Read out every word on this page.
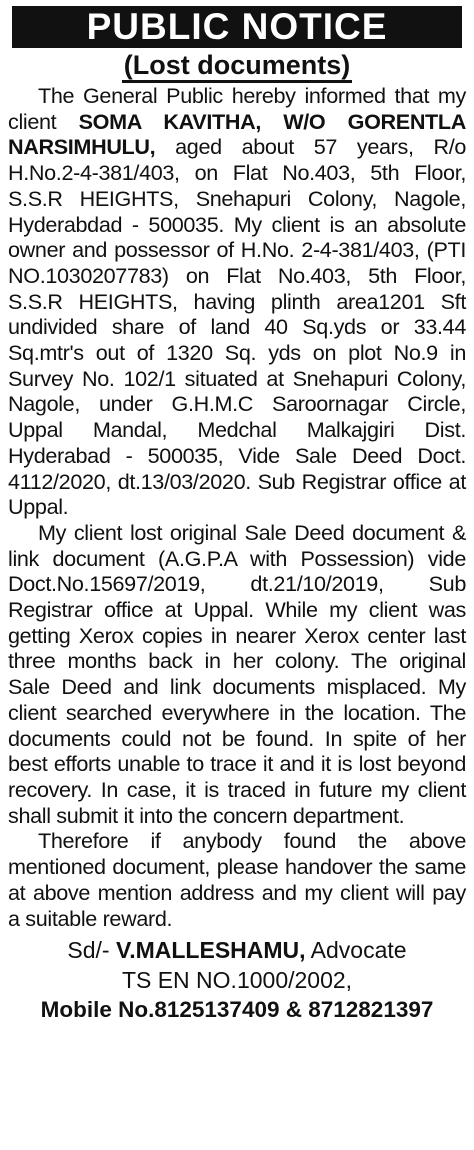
PUBLIC NOTICE
(Lost documents)

The General Public hereby informed that my client SOMA KAVITHA, W/O GORENTLA NARSIMHULU, aged about 57 years, R/o H.No.2-4-381/403, on Flat No.403, 5th Floor, S.S.R HEIGHTS, Snehapuri Colony, Nagole, Hyderabdad - 500035. My client is an absolute owner and possessor of H.No. 2-4-381/403, (PTI NO.1030207783) on Flat No.403, 5th Floor, S.S.R HEIGHTS, having plinth area1201 Sft undivided share of land 40 Sq.yds or 33.44 Sq.mtr's out of 1320 Sq. yds on plot No.9 in Survey No. 102/1 situated at Snehapuri Colony, Nagole, under G.H.M.C Saroornagar Circle, Uppal Mandal, Medchal Malkajgiri Dist. Hyderabad - 500035, Vide Sale Deed Doct. 4112/2020, dt.13/03/2020. Sub Registrar office at Uppal.

My client lost original Sale Deed document & link document (A.G.P.A with Possession) vide Doct.No.15697/2019, dt.21/10/2019, Sub Registrar office at Uppal. While my client was getting Xerox copies in nearer Xerox center last three months back in her colony. The original Sale Deed and link documents misplaced. My client searched everywhere in the location. The documents could not be found. In spite of her best efforts unable to trace it and it is lost beyond recovery. In case, it is traced in future my client shall submit it into the concern department.

Therefore if anybody found the above mentioned document, please handover the same at above mention address and my client will pay a suitable reward.

Sd/- V.MALLESHAMU, Advocate
TS EN NO.1000/2002,
Mobile No.8125137409 & 8712821397
